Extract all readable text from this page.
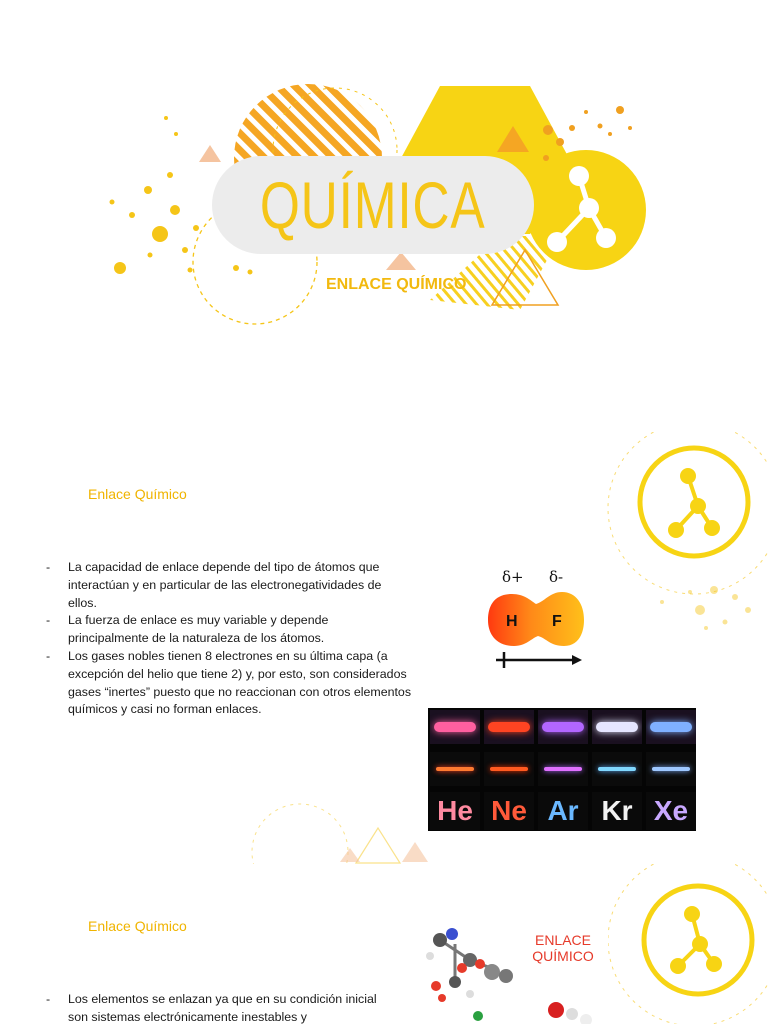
QUÍMICA
ENLACE QUÍMICO
Enlace Químico
- La capacidad de enlace depende del tipo de átomos que interactúan y en particular de las electronegatividades de ellos.
- La fuerza de enlace es muy variable y depende principalmente de la naturaleza de los átomos.
- Los gases nobles tienen 8 electrones en su última capa (a excepción del helio que tiene 2) y, por esto, son considerados gases “inertes” puesto que no reaccionan con otros elementos químicos y casi no forman enlaces.
δ+ δ-
H F
He Ne Ar Kr Xe
ENLACE QUÍMICO
Enlace Químico
- Los elementos se enlazan ya que en su condición inicial son sistemas electrónicamente inestables y
